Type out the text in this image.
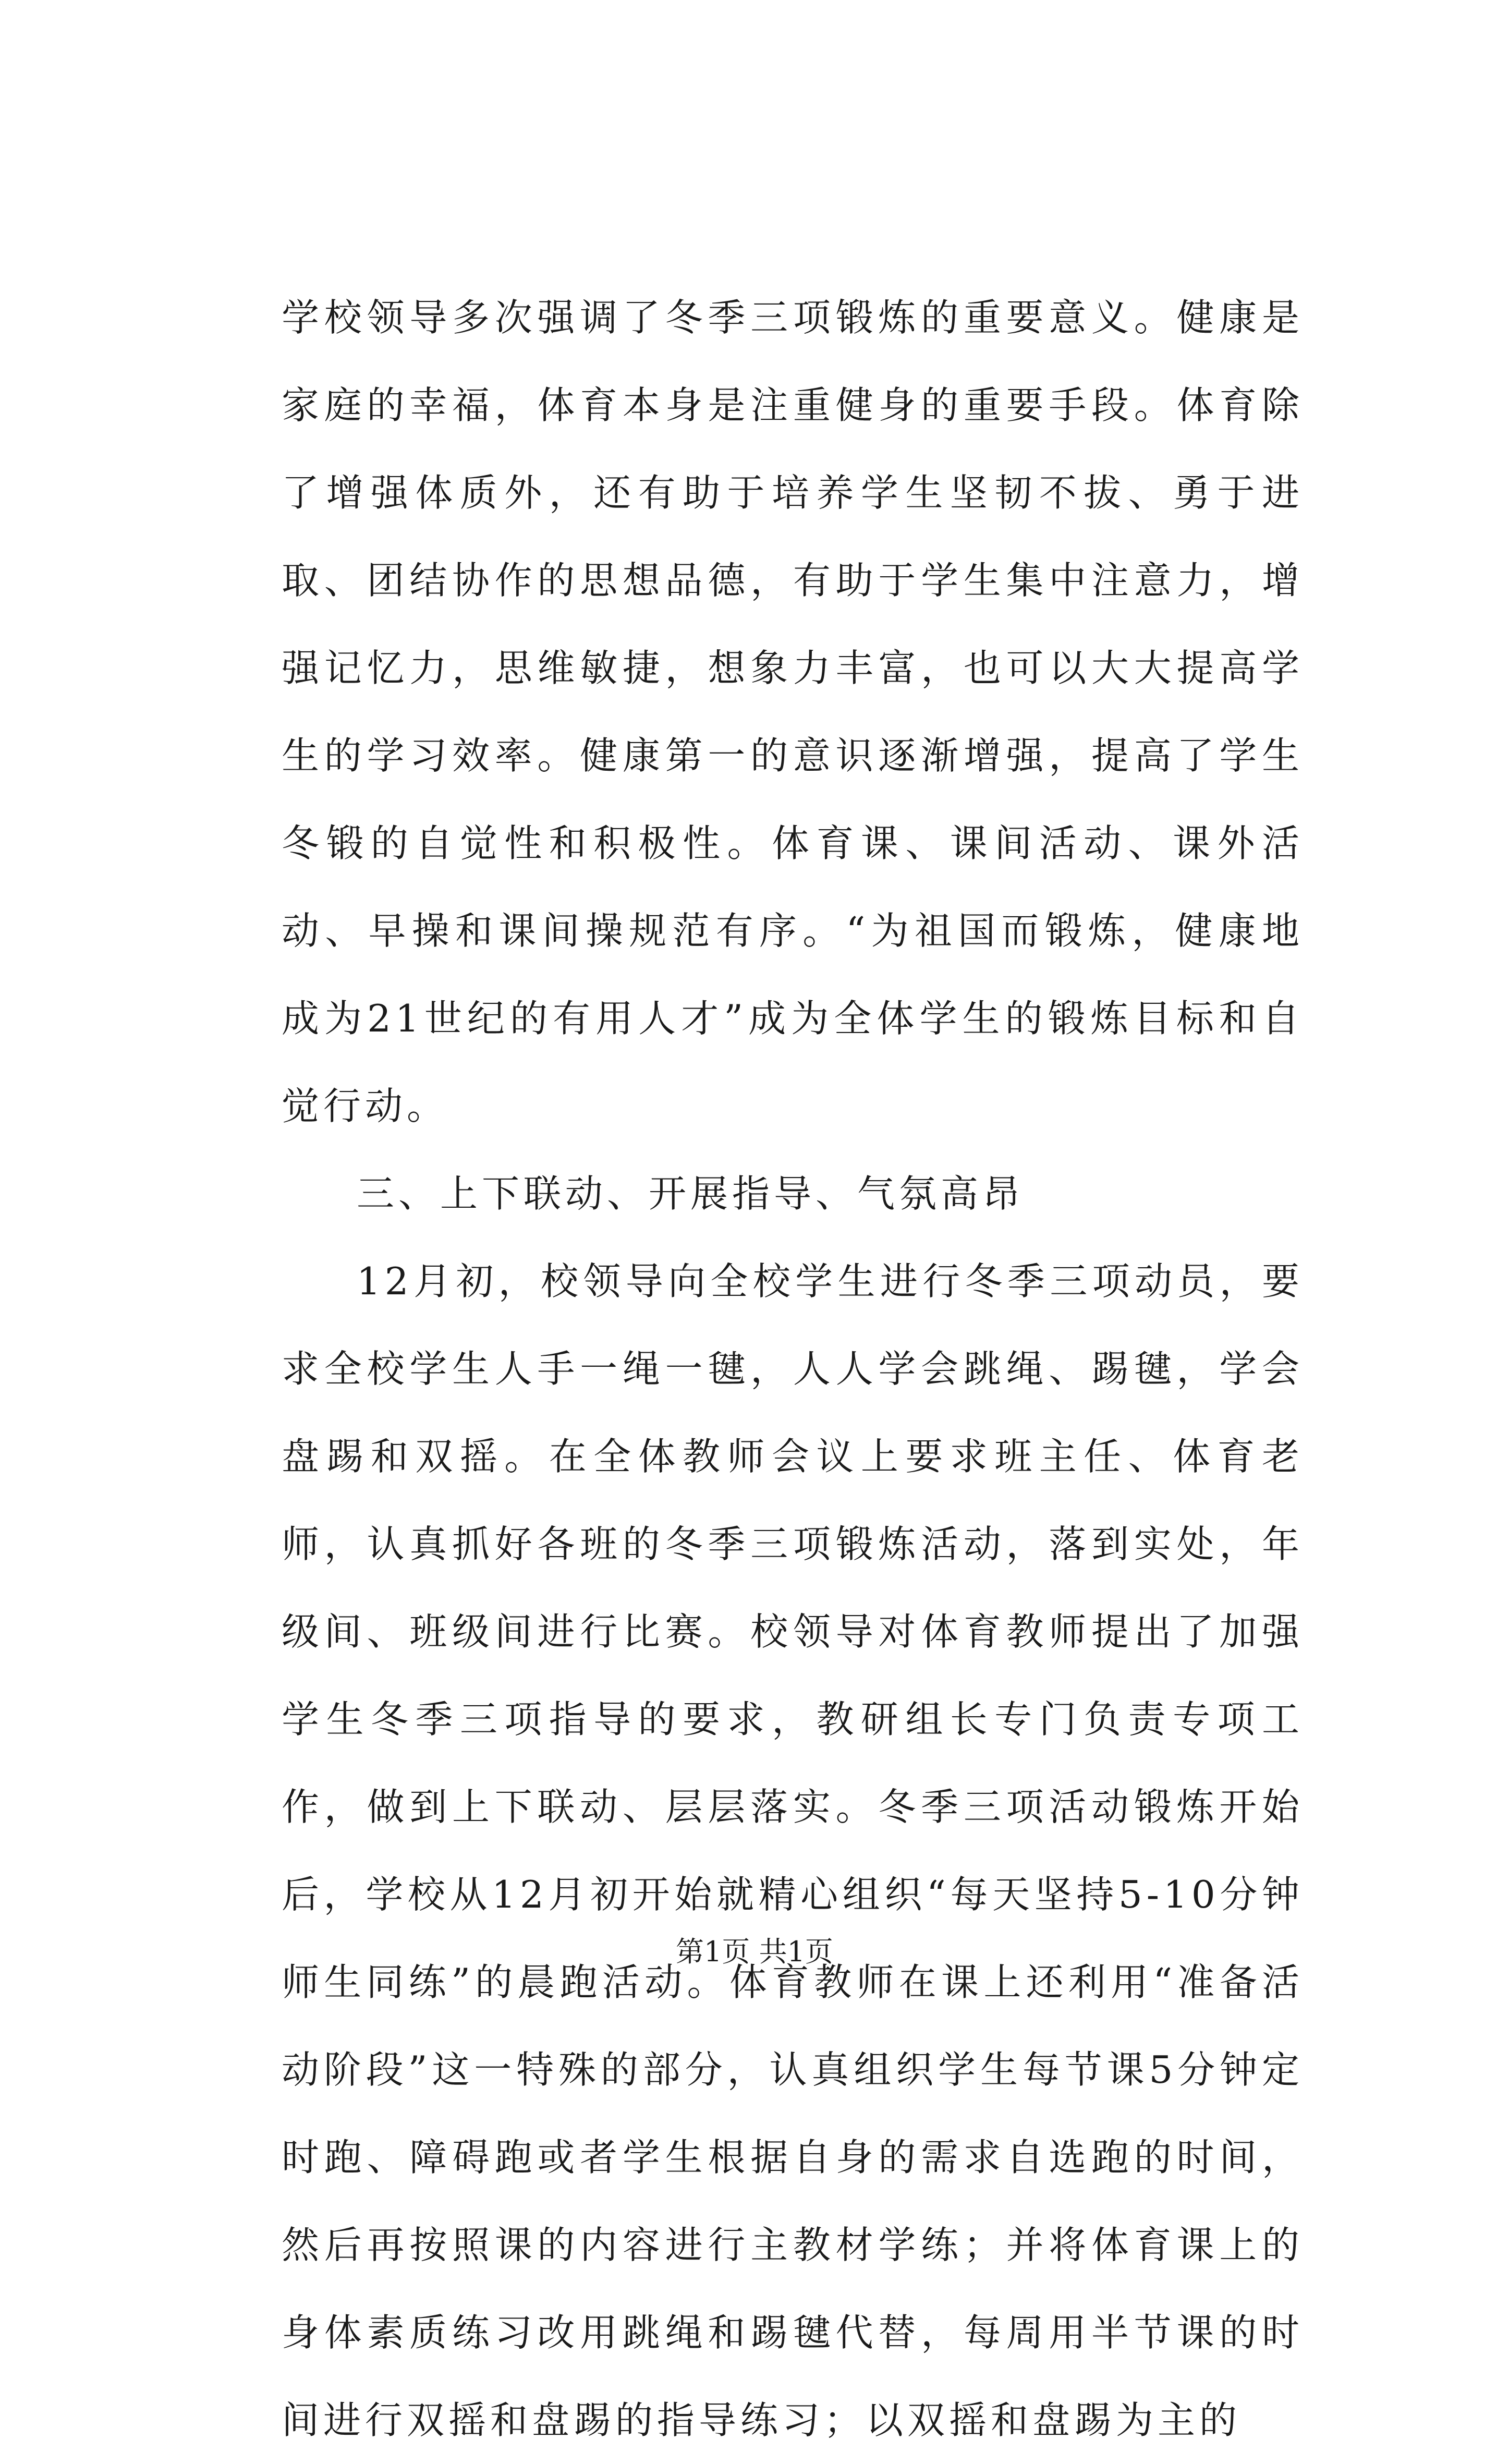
学校领导多次强调了冬季三项锻炼的重要意义。健康是家庭的幸福，体育本身是注重健身的重要手段。体育除了增强体质外，还有助于培养学生坚韧不拔、勇于进取、团结协作的思想品德，有助于学生集中注意力，增强记忆力，思维敏捷，想象力丰富，也可以大大提高学生的学习效率。健康第一的意识逐渐增强，提高了学生冬锻的自觉性和积极性。体育课、课间活动、课外活动、早操和课间操规范有序。“为祖国而锻炼，健康地成为21世纪的有用人才”成为全体学生的锻炼目标和自觉行动。

三、上下联动、开展指导、气氛高昂

12月初，校领导向全校学生进行冬季三项动员，要求全校学生人手一绳一毽，人人学会跳绳、踢毽，学会盘踢和双摇。在全体教师会议上要求班主任、体育老师，认真抓好各班的冬季三项锻炼活动，落到实处，年级间、班级间进行比赛。校领导对体育教师提出了加强学生冬季三项指导的要求，教研组长专门负责专项工作，做到上下联动、层层落实。冬季三项活动锻炼开始后，学校从12月初开始就精心组织“每天坚持5-10分钟师生同练”的晨跑活动。体育教师在课上还利用“准备活动阶段”这一特殊的部分，认真组织学生每节课5分钟定时跑、障碍跑或者学生根据自身的需求自选跑的时间，然后再按照课的内容进行主教材学练；并将体育课上的身体素质练习改用跳绳和踢毽代替，每周用半节课的时间进行双摇和盘踢的指导练习；以双摇和盘踢为主的

第1页 共1页
